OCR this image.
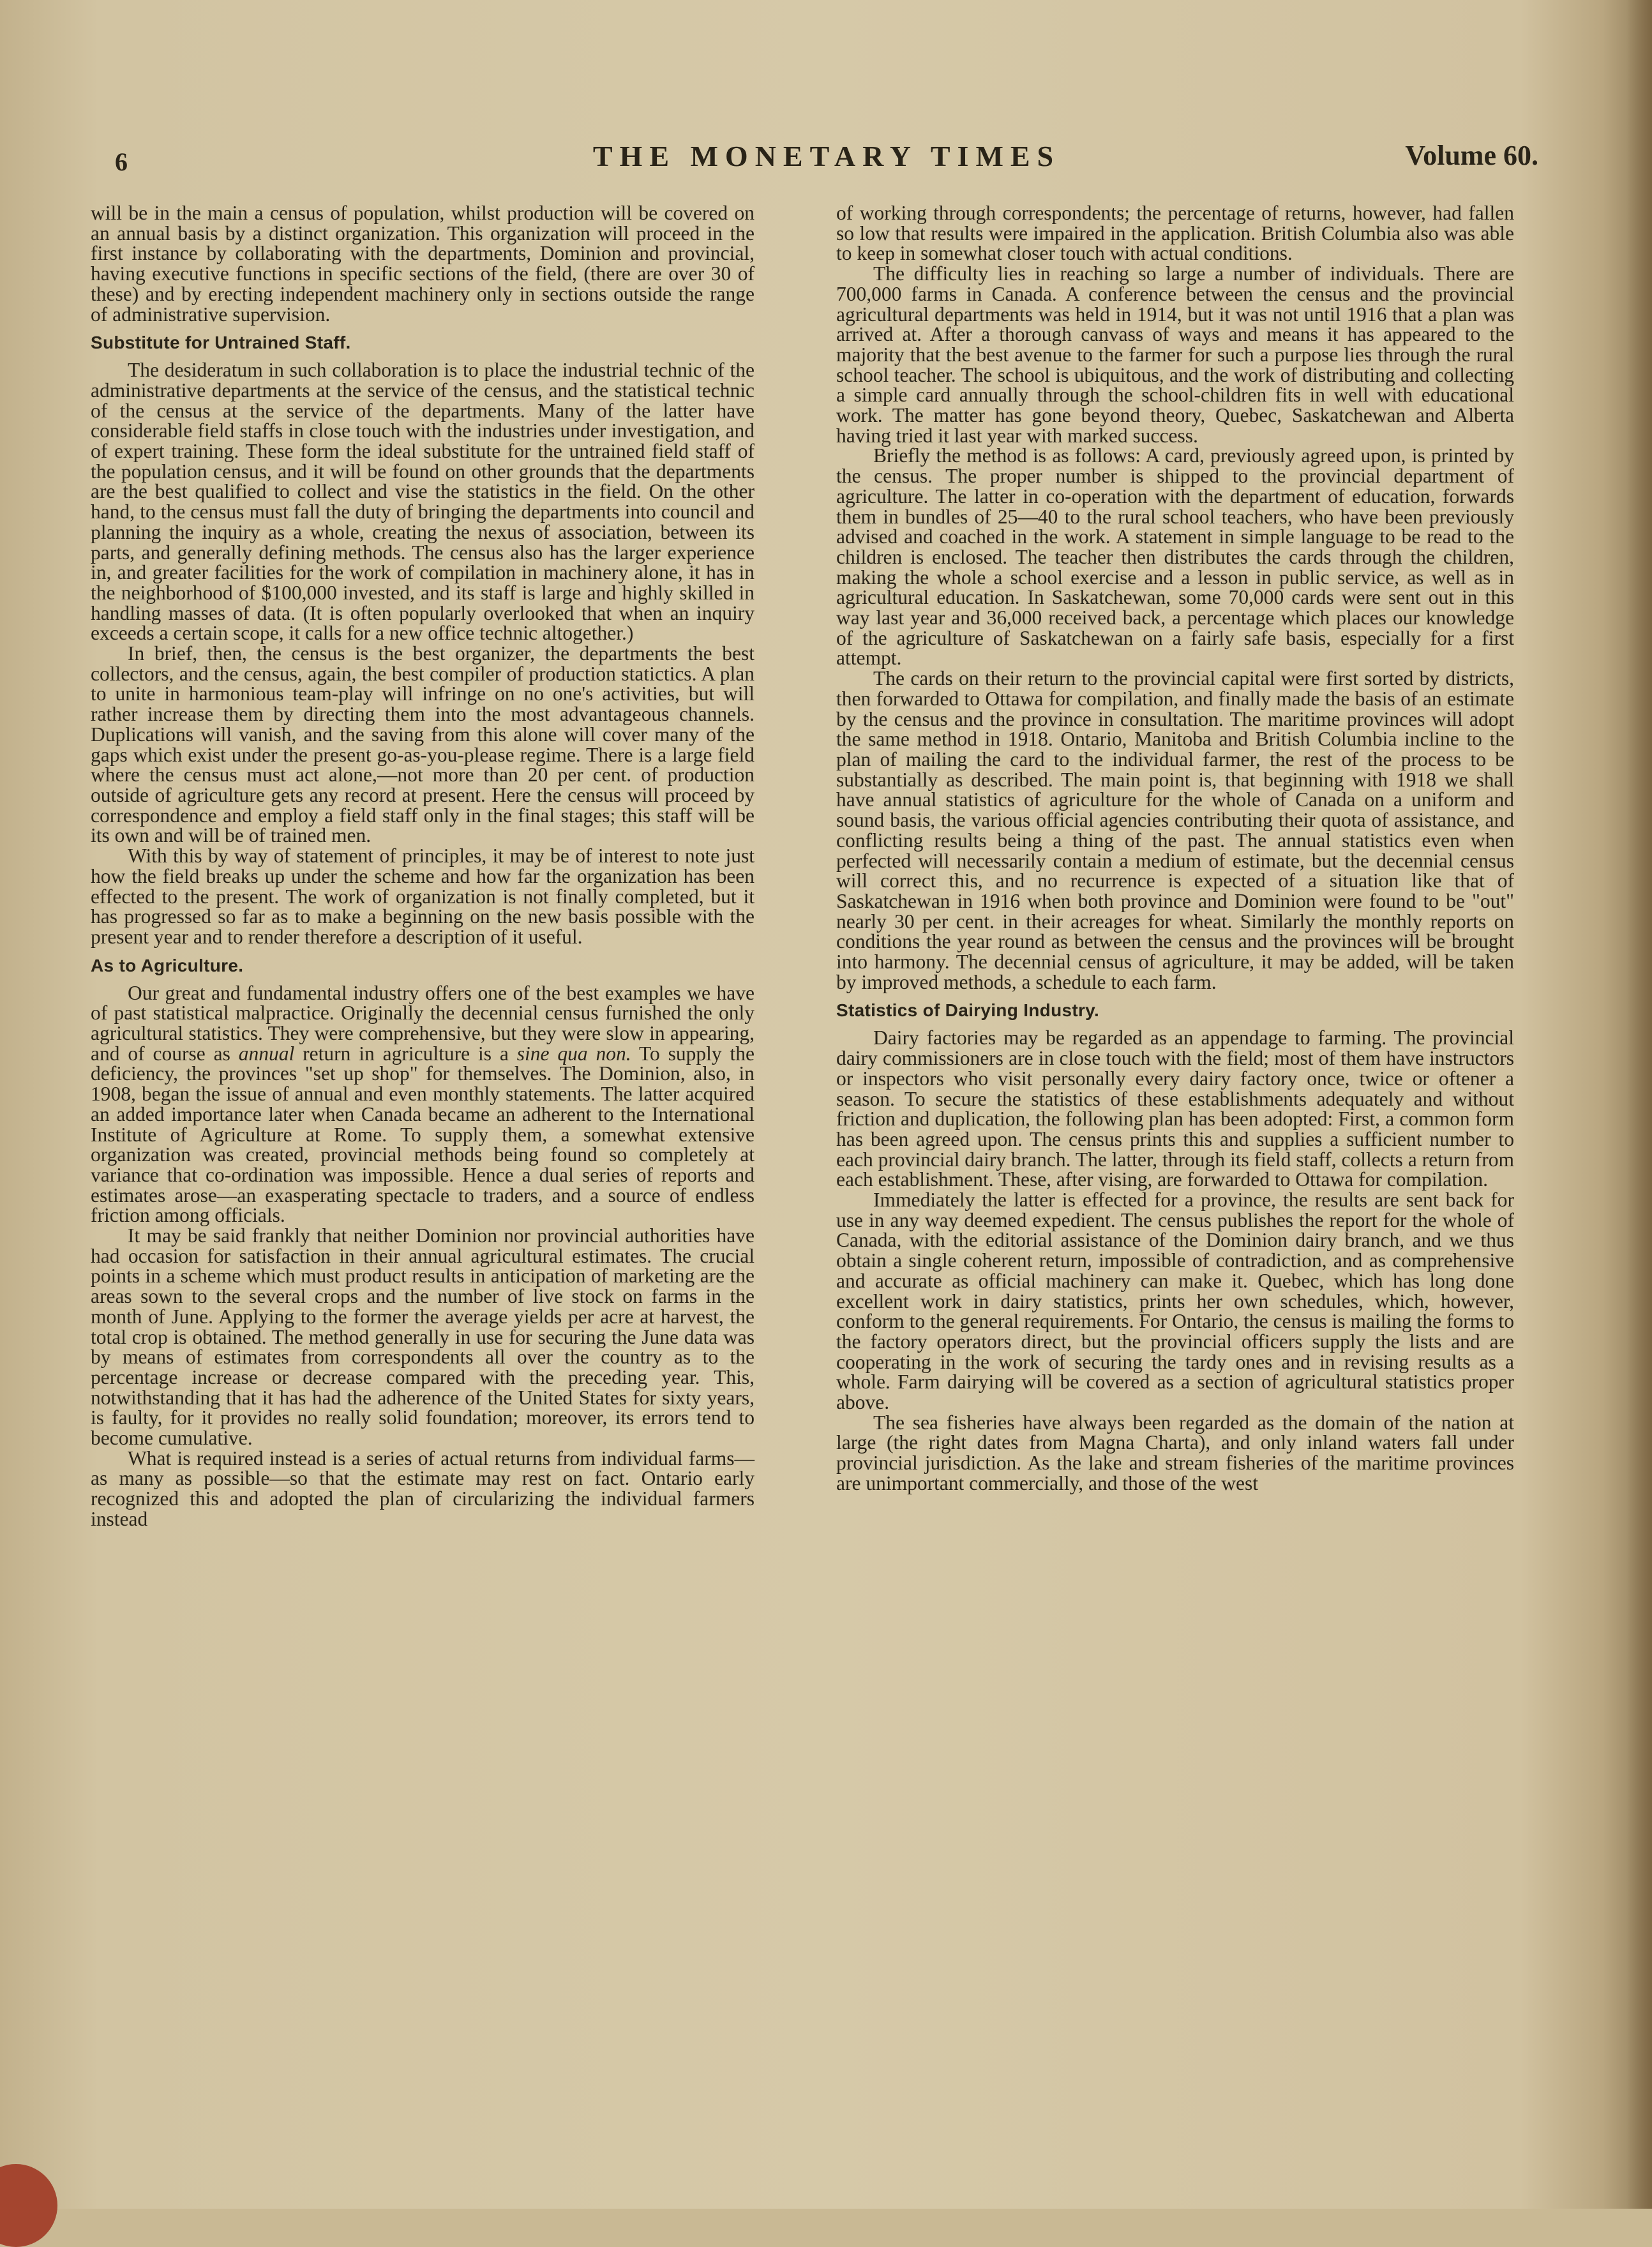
6	THE MONETARY TIMES	Volume 60.

will be in the main a census of population, whilst production will be covered on an annual basis by a distinct organization. This organization will proceed in the first instance by collaborating with the departments, Dominion and provincial, having executive functions in specific sections of the field, (there are over 30 of these) and by erecting independent machinery only in sections outside the range of administrative supervision.

Substitute for Untrained Staff.

The desideratum in such collaboration is to place the industrial technic of the administrative departments at the service of the census, and the statistical technic of the census at the service of the departments. Many of the latter have considerable field staffs in close touch with the industries under investigation, and of expert training. These form the ideal substitute for the untrained field staff of the population census, and it will be found on other grounds that the departments are the best qualified to collect and vise the statistics in the field. On the other hand, to the census must fall the duty of bringing the departments into council and planning the inquiry as a whole, creating the nexus of association, between its parts, and generally defining methods. The census also has the larger experience in, and greater facilities for the work of compilation in machinery alone, it has in the neighborhood of $100,000 invested, and its staff is large and highly skilled in handling masses of data. (It is often popularly overlooked that when an inquiry exceeds a certain scope, it calls for a new office technic altogether.)

In brief, then, the census is the best organizer, the departments the best collectors, and the census, again, the best compiler of production statictics. A plan to unite in harmonious team-play will infringe on no one's activities, but will rather increase them by directing them into the most advantageous channels. Duplications will vanish, and the saving from this alone will cover many of the gaps which exist under the present go-as-you-please regime. There is a large field where the census must act alone,—not more than 20 per cent. of production outside of agriculture gets any record at present. Here the census will proceed by correspondence and employ a field staff only in the final stages; this staff will be its own and will be of trained men.

With this by way of statement of principles, it may be of interest to note just how the field breaks up under the scheme and how far the organization has been effected to the present. The work of organization is not finally completed, but it has progressed so far as to make a beginning on the new basis possible with the present year and to render therefore a description of it useful.

As to Agriculture.

Our great and fundamental industry offers one of the best examples we have of past statistical malpractice. Originally the decennial census furnished the only agricultural statistics. They were comprehensive, but they were slow in appearing, and of course as annual return in agriculture is a sine qua non. To supply the deficiency, the provinces "set up shop" for themselves. The Dominion, also, in 1908, began the issue of annual and even monthly statements. The latter acquired an added importance later when Canada became an adherent to the International Institute of Agriculture at Rome. To supply them, a somewhat extensive organization was created, provincial methods being found so completely at variance that co-ordination was impossible. Hence a dual series of reports and estimates arose—an exasperating spectacle to traders, and a source of endless friction among officials.

It may be said frankly that neither Dominion nor provincial authorities have had occasion for satisfaction in their annual agricultural estimates. The crucial points in a scheme which must product results in anticipation of marketing are the areas sown to the several crops and the number of live stock on farms in the month of June. Applying to the former the average yields per acre at harvest, the total crop is obtained. The method generally in use for securing the June data was by means of estimates from correspondents all over the country as to the percentage increase or decrease compared with the preceding year. This, notwithstanding that it has had the adherence of the United States for sixty years, is faulty, for it provides no really solid foundation; moreover, its errors tend to become cumulative.

What is required instead is a series of actual returns from individual farms—as many as possible—so that the estimate may rest on fact. Ontario early recognized this and adopted the plan of circularizing the individual farmers instead

of working through correspondents; the percentage of returns, however, had fallen so low that results were impaired in the application. British Columbia also was able to keep in somewhat closer touch with actual conditions.

The difficulty lies in reaching so large a number of individuals. There are 700,000 farms in Canada. A conference between the census and the provincial agricultural departments was held in 1914, but it was not until 1916 that a plan was arrived at. After a thorough canvass of ways and means it has appeared to the majority that the best avenue to the farmer for such a purpose lies through the rural school teacher. The school is ubiquitous, and the work of distributing and collecting a simple card annually through the school-children fits in well with educational work. The matter has gone beyond theory, Quebec, Saskatchewan and Alberta having tried it last year with marked success.

Briefly the method is as follows: A card, previously agreed upon, is printed by the census. The proper number is shipped to the provincial department of agriculture. The latter in co-operation with the department of education, forwards them in bundles of 25—40 to the rural school teachers, who have been previously advised and coached in the work. A statement in simple language to be read to the children is enclosed. The teacher then distributes the cards through the children, making the whole a school exercise and a lesson in public service, as well as in agricultural education. In Saskatchewan, some 70,000 cards were sent out in this way last year and 36,000 received back, a percentage which places our knowledge of the agriculture of Saskatchewan on a fairly safe basis, especially for a first attempt.

The cards on their return to the provincial capital were first sorted by districts, then forwarded to Ottawa for compilation, and finally made the basis of an estimate by the census and the province in consultation. The maritime provinces will adopt the same method in 1918. Ontario, Manitoba and British Columbia incline to the plan of mailing the card to the individual farmer, the rest of the process to be substantially as described. The main point is, that beginning with 1918 we shall have annual statistics of agriculture for the whole of Canada on a uniform and sound basis, the various official agencies contributing their quota of assistance, and conflicting results being a thing of the past. The annual statistics even when perfected will necessarily contain a medium of estimate, but the decennial census will correct this, and no recurrence is expected of a situation like that of Saskatchewan in 1916 when both province and Dominion were found to be "out" nearly 30 per cent. in their acreages for wheat. Similarly the monthly reports on conditions the year round as between the census and the provinces will be brought into harmony. The decennial census of agriculture, it may be added, will be taken by improved methods, a schedule to each farm.

Statistics of Dairying Industry.

Dairy factories may be regarded as an appendage to farming. The provincial dairy commissioners are in close touch with the field; most of them have instructors or inspectors who visit personally every dairy factory once, twice or oftener a season. To secure the statistics of these establishments adequately and without friction and duplication, the following plan has been adopted: First, a common form has been agreed upon. The census prints this and supplies a sufficient number to each provincial dairy branch. The latter, through its field staff, collects a return from each establishment. These, after vising, are forwarded to Ottawa for compilation.

Immediately the latter is effected for a province, the results are sent back for use in any way deemed expedient. The census publishes the report for the whole of Canada, with the editorial assistance of the Dominion dairy branch, and we thus obtain a single coherent return, impossible of contradiction, and as comprehensive and accurate as official machinery can make it. Quebec, which has long done excellent work in dairy statistics, prints her own schedules, which, however, conform to the general requirements. For Ontario, the census is mailing the forms to the factory operators direct, but the provincial officers supply the lists and are cooperating in the work of securing the tardy ones and in revising results as a whole. Farm dairying will be covered as a section of agricultural statistics proper above.

The sea fisheries have always been regarded as the domain of the nation at large (the right dates from Magna Charta), and only inland waters fall under provincial jurisdiction. As the lake and stream fisheries of the maritime provinces are unimportant commercially, and those of the west
